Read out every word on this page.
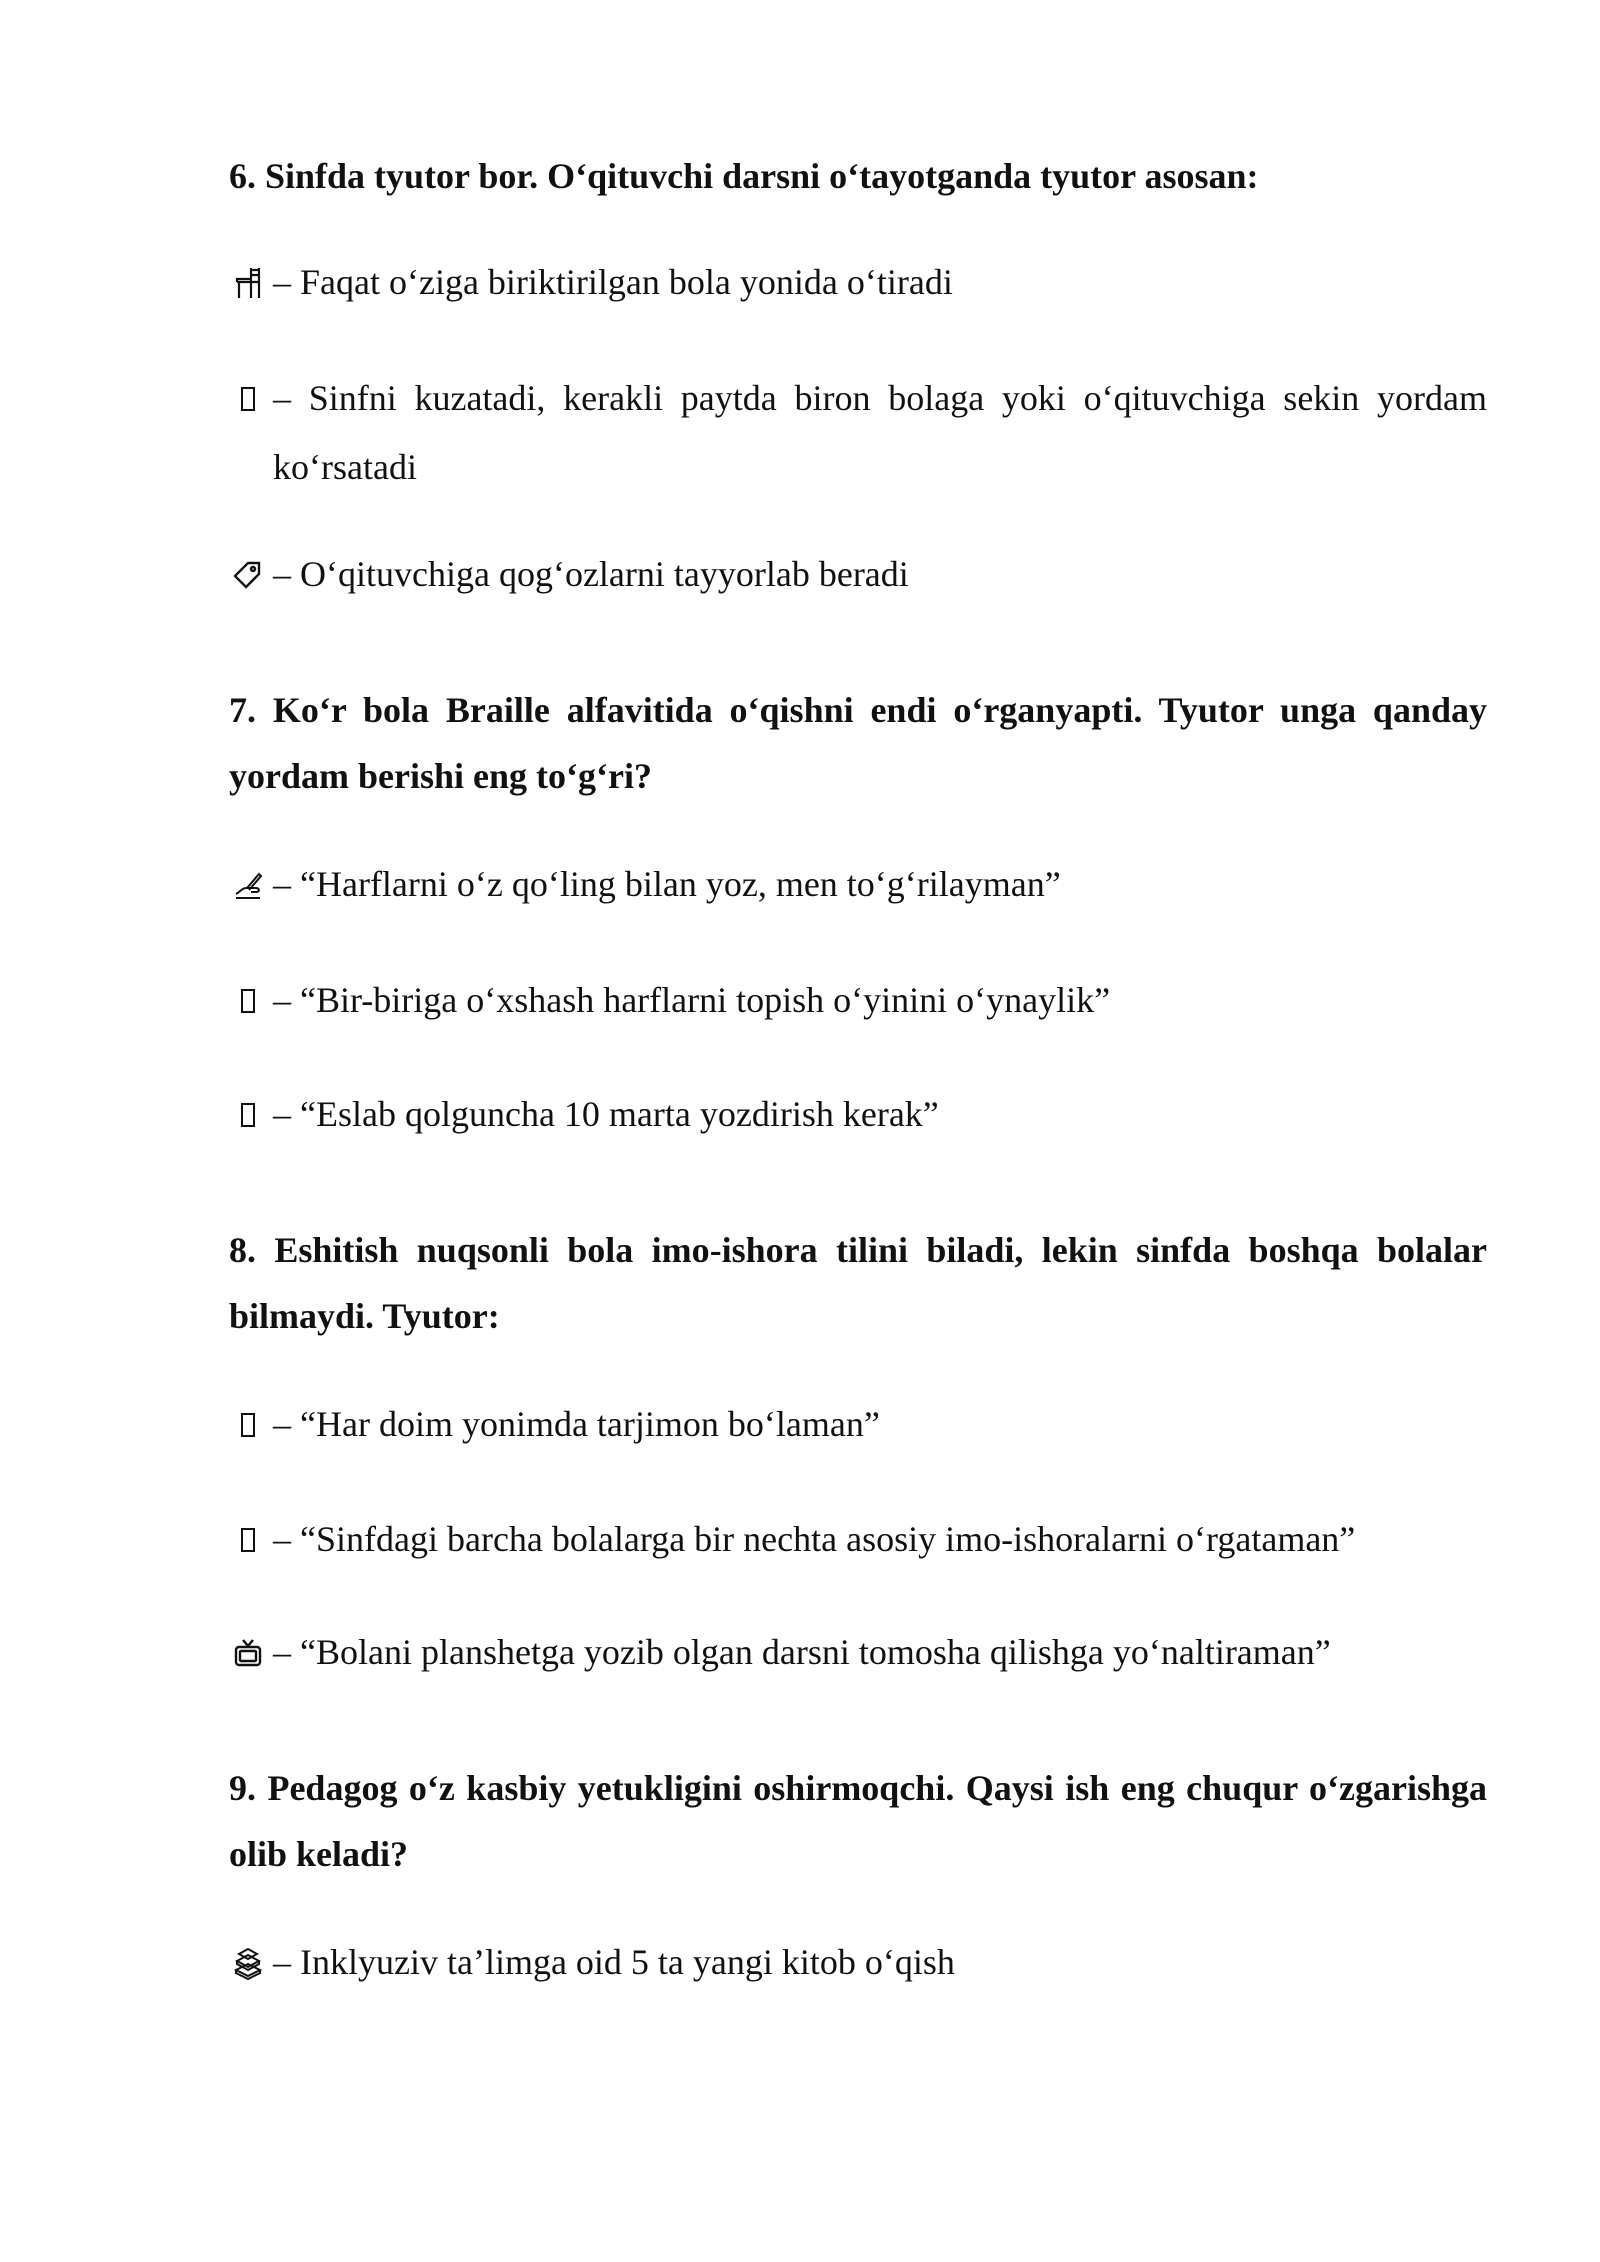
6. Sinfda tyutor bor. O‘qituvchi darsni o‘tayotganda tyutor asosan:

– Faqat o‘ziga biriktirilgan bola yonida o‘tiradi
– Sinfni kuzatadi, kerakli paytda biron bolaga yoki o‘qituvchiga sekin yordam ko‘rsatadi
– O‘qituvchiga qog‘ozlarni tayyorlab beradi

7. Ko‘r bola Braille alfavitida o‘qishni endi o‘rganyapti. Tyutor unga qanday yordam berishi eng to‘g‘ri?

– “Harflarni o‘z qo‘ling bilan yoz, men to‘g‘rilayman”
– “Bir-biriga o‘xshash harflarni topish o‘yinini o‘ynaylik”
– “Eslab qolguncha 10 marta yozdirish kerak”

8. Eshitish nuqsonli bola imo-ishora tilini biladi, lekin sinfda boshqa bolalar bilmaydi. Tyutor:

– “Har doim yonimda tarjimon bo‘laman”
– “Sinfdagi barcha bolalarga bir nechta asosiy imo-ishoralarni o‘rgataman”
– “Bolani planshetga yozib olgan darsni tomosha qilishga yo‘naltiraman”

9. Pedagog o‘z kasbiy yetukligini oshirmoqchi. Qaysi ish eng chuqur o‘zgarishga olib keladi?

– Inklyuziv ta’limga oid 5 ta yangi kitob o‘qish
